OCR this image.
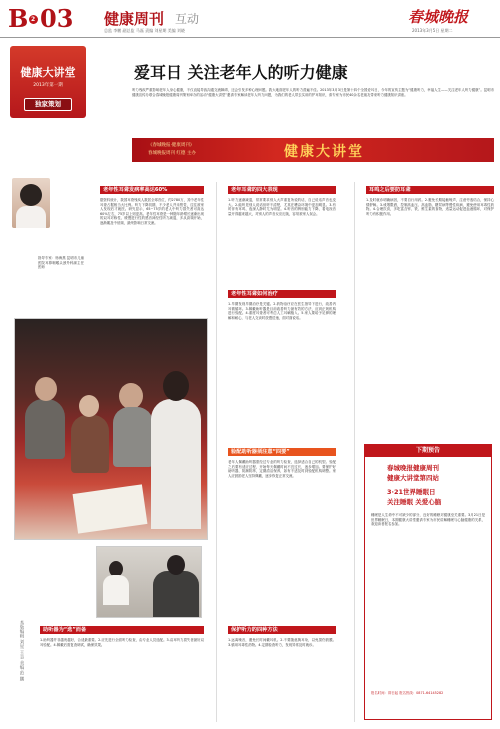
B 2 03 健康周刊 互动
总监 李鹏 副总监 马磊 责编 刘星期 美编 刘晓
春城晚报
2013年3月5日 星期二
健康大讲堂
2013年第一期
独家策划
爱耳日 关注老年人的听力健康
听力残疾严重影响老年人身心健康，不仅直接导致沟通交流障碍，还会引发多种心理问题。我大地面老年人的听力普遍不佳。2013年3月3日是第十四个全国爱耳日，今年的宣传主题为“健康听力，幸福人生——关注老年人听力健康”。昆明市健康宣传办联合春城晚报健康周刊策划举办的活动“健康大讲堂”邀请专家解读老年人听力问题，为我们的老人带去实用的护耳知识，请专家为市民40余名老朋友带来听力健康知识讲座。
《春城晚报·健康周刊》
春城晚报周刊 红德 主办	健康大讲堂
指导专家：杨海燕 昆明市儿童医院耳鼻咽喉头颈外科副主任医师
老年性耳聋发病率高达60%
据资料统计，我国耳聋残疾人数居全球首位，约2780万，其中老年性耳聋占据相当大比例。听力下降初期，不少老人并未察觉，往往被家人发现后才就医。研究显示，65~75岁的老人中听力损失者可高达60%左右，75岁以上则更高。老年性耳聋是一种随年龄增长逐渐出现的双耳对称性、缓慢进行性的感音神经性听力减退，多从高频开始，逐渐累及中低频，最终影响日常交流。
老年耳聋的四大表现
1.听力逐渐减退，常常要求别人大声重复所说的话，自己说话声音也变大。2.能听见别人说话但听不清楚，尤其在嘈杂环境中更加明显。3.有时伴有耳鸣，夜深人静时尤为明显。4.听音的辨别能力下降，看电视音量开得越来越大，对别人的声音反应迟钝，容易被家人误会。
耳鸣之后要防耳聋
1.及时就诊明确病因，不要自行用药。2.避免长期接触噪声，注意劳逸结合，保持心情舒畅。3.戒烟限酒，控制高血压、高血脂、糖尿病等慢性疾病，避免使用耳毒性药物。4.合理饮食，多吃富含锌、铁、维生素的食物，适量运动促进血液循环，对保护听力有积极作用。
老年性耳聋如何治疗
1.早期发现早期治疗是关键。2.药物治疗应在医生指导下进行，改善内耳微循环。3.佩戴助听器是目前改善听力最有效的方法，应到正规机构进行验配。4.重度耳聋者可考虑人工耳蜗植入。5.家人要给予足够的理解和耐心，与老人交谈时放慢语速，面对面说话。
验配助听器须注意“四要”
老年人佩戴助听器需经过专业的听力检查，选择适合自己的机型。验配之后要有适应过程，开始每天佩戴时间不宜过长，逐步增加。要保护好助听器，防潮防摔，定期清洁保养，如有不适及时到验配机构调整。家人应鼓励老人坚持佩戴，逐步恢复正常交流。
保护听力的四种方法
1.远离噪音，避免长时间戴耳机。2.不要随意掏耳朵，以免损伤鼓膜。3.慎用耳毒性药物。4.定期检查听力，发现异常及时就诊。
助听器为“选”而备
1.助听器并非越贵越好，合适最重要。2.应先进行全面听力检查，由专业人员选配。3.双耳听力损失者最好双耳验配。4.佩戴后需复查调试，确保效果。
本版编辑 刘星 王志 美编 范 鹏
下期预告
春城晚报健康周刊
健康大讲堂第四站
3·21世界睡眠日
关注睡眠 关爱心脑
睡眠是人生命中不可缺少的部分，良好的睡眠对健康至关重要。3月21日是世界睡眠日，本期健康大讲堂邀请专家为市民讲解睡眠与心脑健康的关系，欢迎读者报名参加。
报名时间：即日起 报名热线：0871-64145282
